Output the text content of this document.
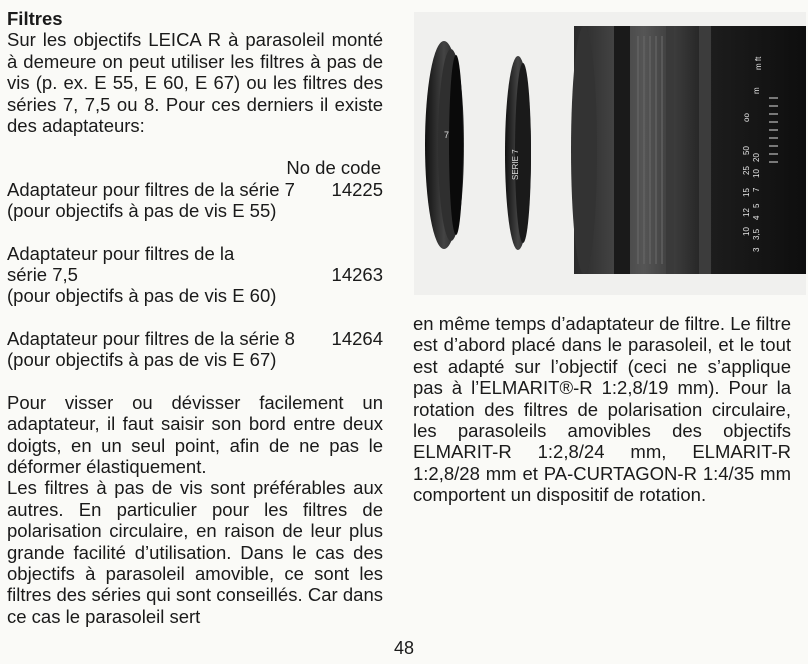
Filtres

Sur les objectifs LEICA R à parasoleil monté à demeure on peut utiliser les filtres à pas de vis (p. ex. E 55, E 60, E 67) ou les filtres des séries 7, 7,5 ou 8. Pour ces derniers il existe des adaptateurs:

No de code
Adaptateur pour filtres de la série 7 14225
(pour objectifs à pas de vis E 55)
Adaptateur pour filtres de la
série 7,5	14263
(pour objectifs à pas de vis E 60)
Adaptateur pour filtres de la série 8 14264
(pour objectifs à pas de vis E 67)

Pour visser ou dévisser facilement un adaptateur, il faut saisir son bord entre deux doigts, en un seul point, afin de ne pas le déformer élastiquement.

Les filtres à pas de vis sont préférables aux autres. En particulier pour les filtres de polarisation circulaire, en raison de leur plus grande facilité d’utilisation. Dans le cas des objectifs à parasoleil amovible, ce sont les filtres des séries qui sont conseillés. Car dans ce cas le parasoleil sert

7
SERIE 7
m ft
oo
50
25
15
12
10
m
20
10
7
5
4
3,5
3

en même temps d’adaptateur de filtre. Le filtre est d’abord placé dans le parasoleil, et le tout est adapté sur l’objectif (ceci ne s’applique pas à l’ELMARIT®-R 1:2,8/19 mm). Pour la rotation des filtres de polarisation circulaire, les parasoleils amovibles des objectifs ELMARIT-R 1:2,8/24 mm, ELMARIT-R 1:2,8/28 mm et PA-CURTAGON-R 1:4/35 mm comportent un dispositif de rotation.

48
